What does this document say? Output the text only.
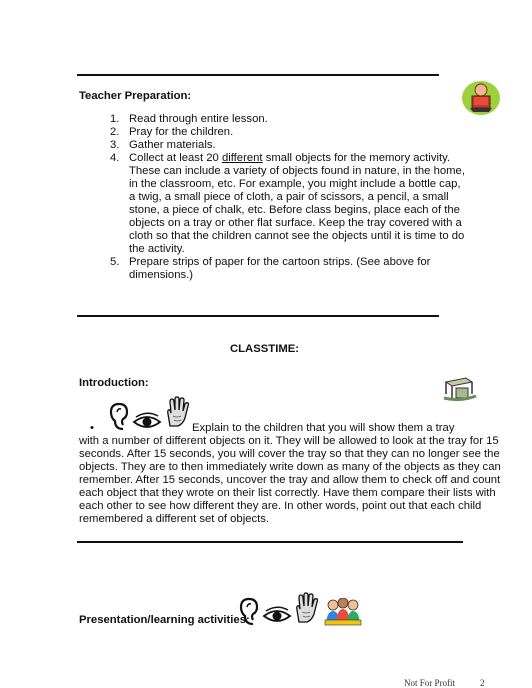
Teacher Preparation:
1. Read through entire lesson.
2. Pray for the children.
3. Gather materials.
4. Collect at least 20 different small objects for the memory activity.
These can include a variety of objects found in nature, in the home,
in the classroom, etc. For example, you might include a bottle cap,
a twig, a small piece of cloth, a pair of scissors, a pencil, a small
stone, a piece of chalk, etc. Before class begins, place each of the
objects on a tray or other flat surface. Keep the tray covered with a
cloth so that the children cannot see the objects until it is time to do
the activity.
5. Prepare strips of paper for the cartoon strips. (See above for
dimensions.)
CLASSTIME:
Introduction:
•	Explain to the children that you will show them a tray
with a number of different objects on it. They will be allowed to look at the tray for 15
seconds. After 15 seconds, you will cover the tray so that they can no longer see the
objects. They are to then immediately write down as many of the objects as they can
remember. After 15 seconds, uncover the tray and allow them to check off and count
each object that they wrote on their list correctly. Have them compare their lists with
each other to see how different they are. In other words, point out that each child
remembered a different set of objects.
Presentation/learning activities:
Not For Profit	2
